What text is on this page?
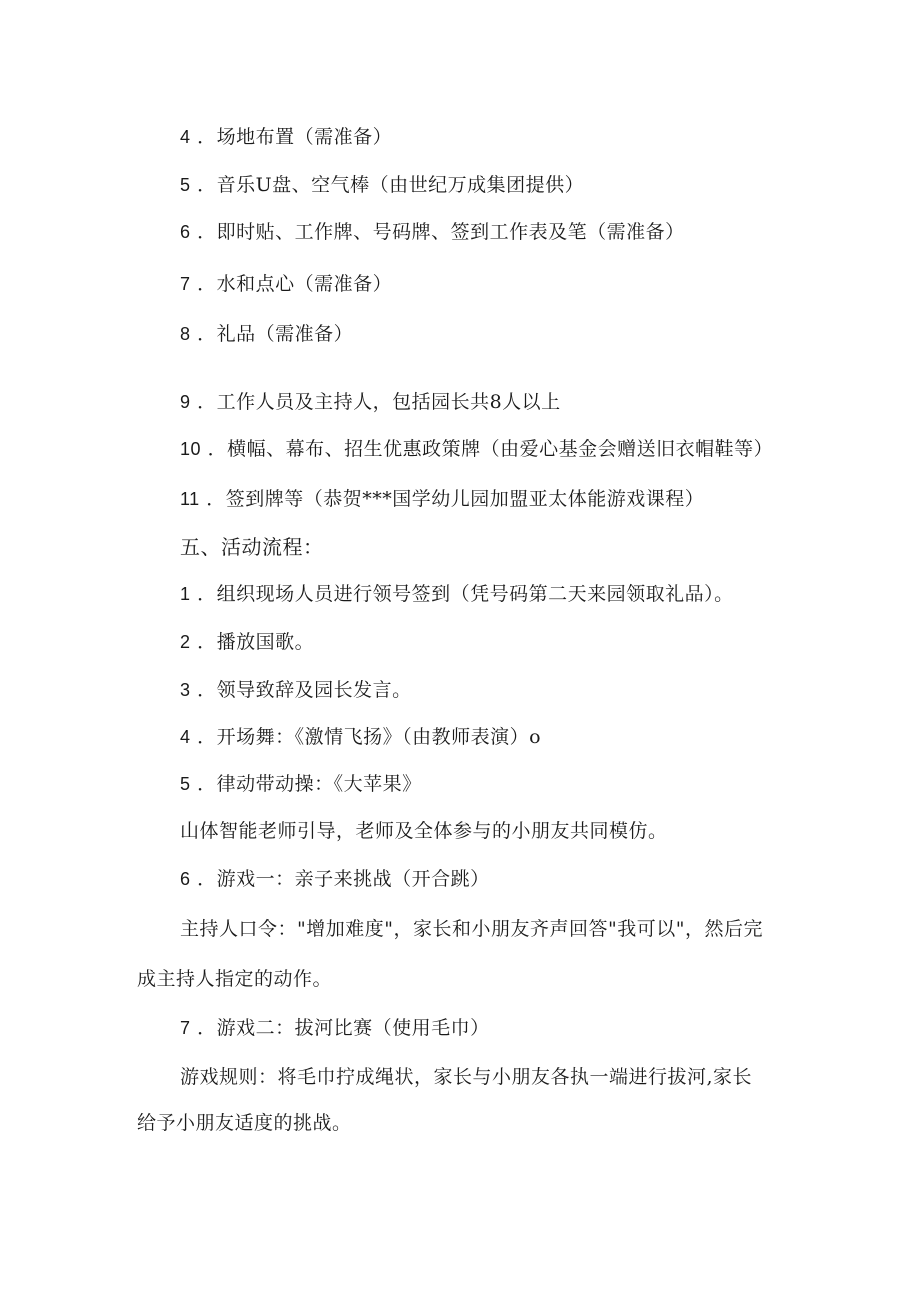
4 ．场地布置（需准备）
5 ．音乐U盘、空气棒（由世纪万成集团提供）
6 ．即时贴、工作牌、号码牌、签到工作表及笔（需准备）
7 ．水和点心（需准备）
8 ．礼品（需准备）
9 ．工作人员及主持人，包括园长共8人以上
10 ．横幅、幕布、招生优惠政策牌（由爱心基金会赠送旧衣帽鞋等）
11 ．签到牌等（恭贺***国学幼儿园加盟亚太体能游戏课程）
五、活动流程：
1 ．组织现场人员进行领号签到（凭号码第二天来园领取礼品）。
2 ．播放国歌。
3 ．领导致辞及园长发言。
4 ．开场舞：《激情飞扬》（由教师表演）o
5 ．律动带动操：《大苹果》
山体智能老师引导，老师及全体参与的小朋友共同模仿。
6 ．游戏一：亲子来挑战（开合跳）
主持人口令："增加难度"，家长和小朋友齐声回答"我可以"，然后完
成主持人指定的动作。
7 ．游戏二：拔河比赛（使用毛巾）
游戏规则：将毛巾拧成绳状，家长与小朋友各执一端进行拔河,家长
给予小朋友适度的挑战。
